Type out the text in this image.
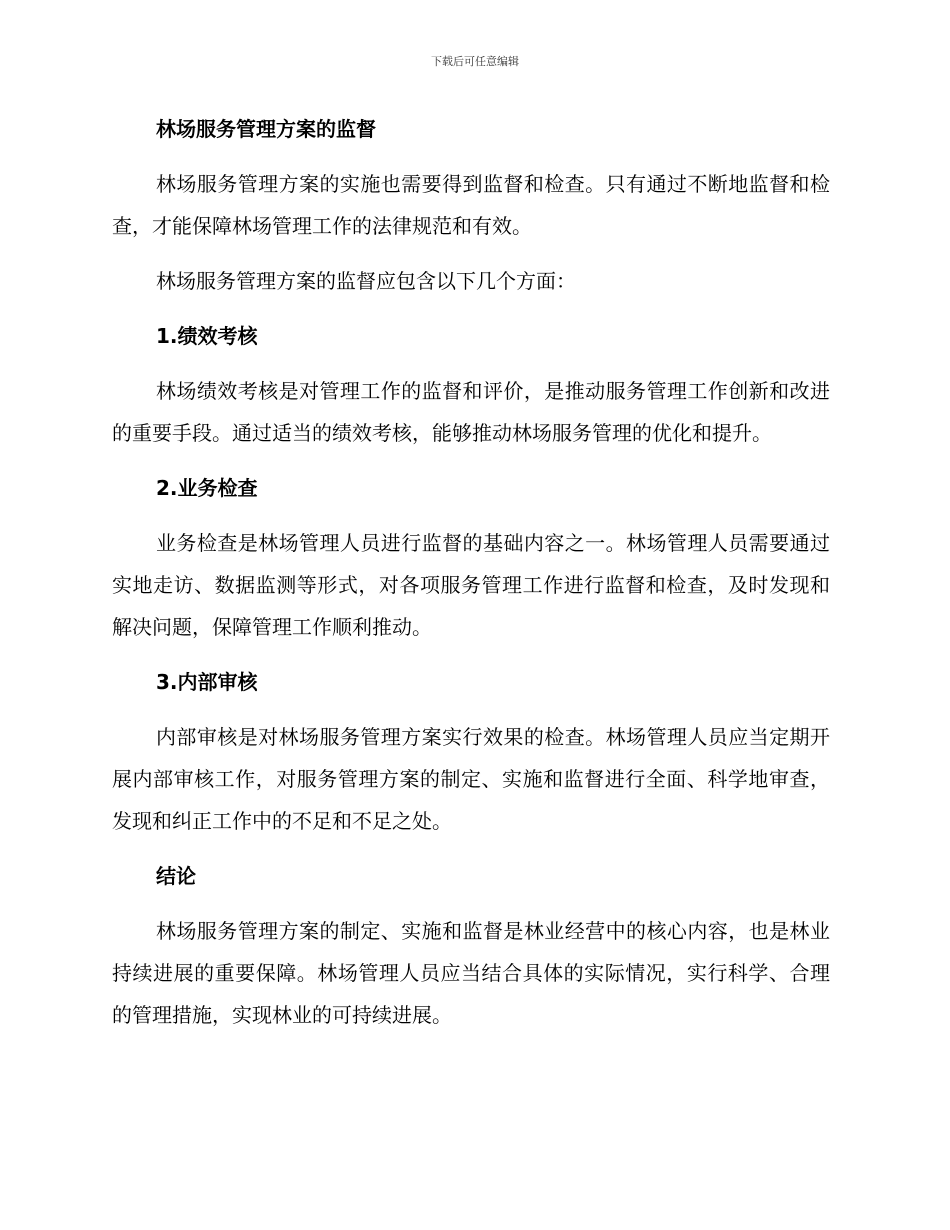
下载后可任意编辑
林场服务管理方案的监督

林场服务管理方案的实施也需要得到监督和检查。只有通过不断地监督和检查，才能保障林场管理工作的法律规范和有效。

林场服务管理方案的监督应包含以下几个方面：

1.绩效考核

林场绩效考核是对管理工作的监督和评价，是推动服务管理工作创新和改进的重要手段。通过适当的绩效考核，能够推动林场服务管理的优化和提升。

2.业务检查

业务检查是林场管理人员进行监督的基础内容之一。林场管理人员需要通过实地走访、数据监测等形式，对各项服务管理工作进行监督和检查，及时发现和解决问题，保障管理工作顺利推动。

3.内部审核

内部审核是对林场服务管理方案实行效果的检查。林场管理人员应当定期开展内部审核工作，对服务管理方案的制定、实施和监督进行全面、科学地审查，发现和纠正工作中的不足和不足之处。

结论

林场服务管理方案的制定、实施和监督是林业经营中的核心内容，也是林业持续进展的重要保障。林场管理人员应当结合具体的实际情况，实行科学、合理的管理措施，实现林业的可持续进展。
